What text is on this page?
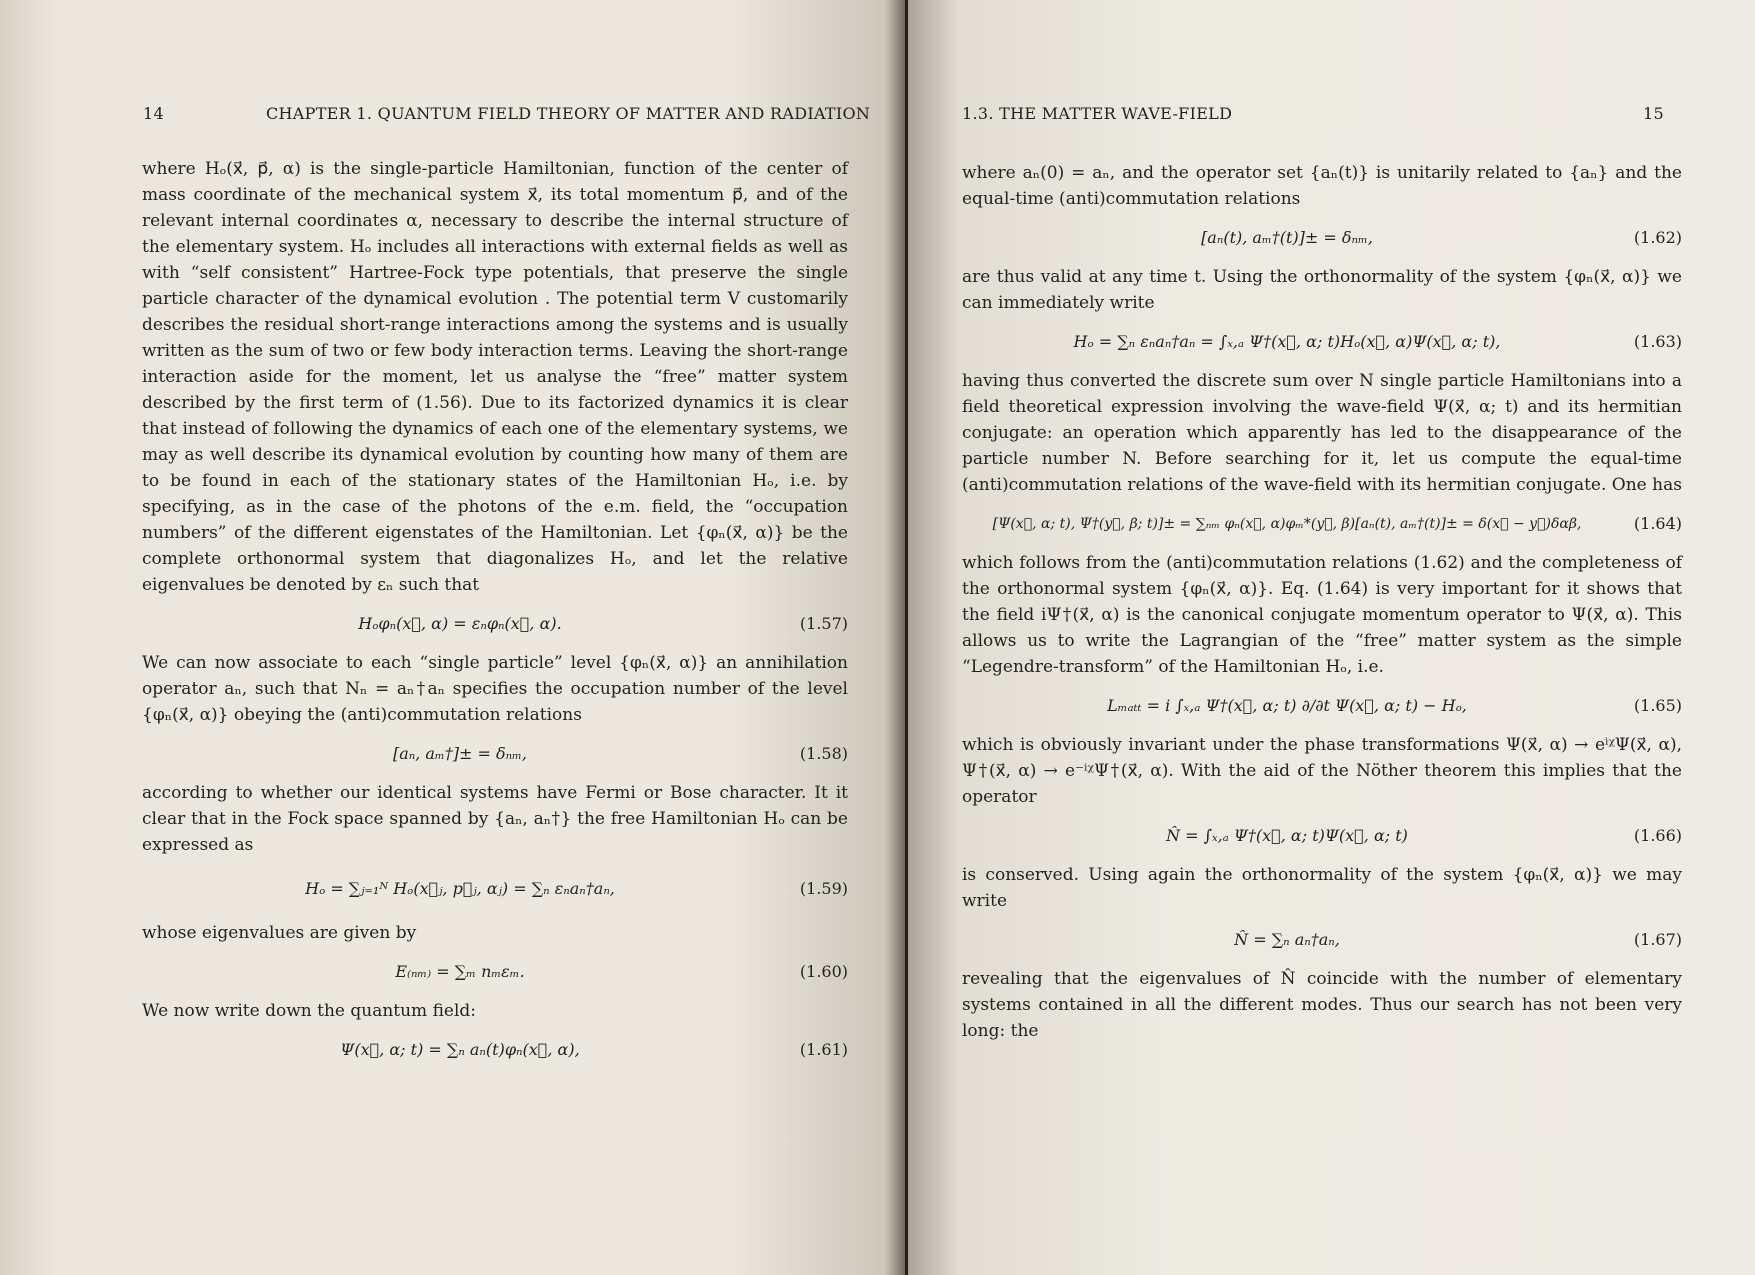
14	CHAPTER 1. QUANTUM FIELD THEORY OF MATTER AND RADIATION

where Hₒ(x⃗, p⃗, α) is the single-particle Hamiltonian, function of the center of mass coordinate of the mechanical system x⃗, its total momentum p⃗, and of the relevant internal coordinates α, necessary to describe the internal structure of the elementary system. Hₒ includes all interactions with external fields as well as with “self consistent” Hartree-Fock type potentials, that preserve the single particle character of the dynamical evolution . The potential term V customarily describes the residual short-range interactions among the systems and is usually written as the sum of two or few body interaction terms. Leaving the short-range interaction aside for the moment, let us analyse the “free” matter system described by the first term of (1.56). Due to its factorized dynamics it is clear that instead of following the dynamics of each one of the elementary systems, we may as well describe its dynamical evolution by counting how many of them are to be found in each of the stationary states of the Hamiltonian Hₒ, i.e. by specifying, as in the case of the photons of the e.m. field, the “occupation numbers” of the different eigenstates of the Hamiltonian. Let {φₙ(x⃗, α)} be the complete orthonormal system that diagonalizes Hₒ, and let the relative eigenvalues be denoted by εₙ such that

Hₒφₙ(x⃗, α) = εₙφₙ(x⃗, α).	(1.57)

We can now associate to each “single particle” level {φₙ(x⃗, α)} an annihilation operator aₙ, such that Nₙ = aₙ†aₙ specifies the occupation number of the level {φₙ(x⃗, α)} obeying the (anti)commutation relations

[aₙ, aₘ†]± = δₙₘ,	(1.58)

according to whether our identical systems have Fermi or Bose character. It it clear that in the Fock space spanned by {aₙ, aₙ†} the free Hamiltonian Hₒ can be expressed as

Hₒ = ∑ⱼ₌₁ᴺ Hₒ(x⃗ⱼ, p⃗ⱼ, αⱼ) = ∑ₙ εₙaₙ†aₙ,	(1.59)

whose eigenvalues are given by

E₍ₙₘ₎ = ∑ₘ nₘεₘ.	(1.60)

We now write down the quantum field:

Ψ(x⃗, α; t) = ∑ₙ aₙ(t)φₙ(x⃗, α),	(1.61)
1.3. THE MATTER WAVE-FIELD	15

where aₙ(0) = aₙ, and the operator set {aₙ(t)} is unitarily related to {aₙ} and the equal-time (anti)commutation relations

[aₙ(t), aₘ†(t)]± = δₙₘ,	(1.62)

are thus valid at any time t. Using the orthonormality of the system {φₙ(x⃗, α)} we can immediately write

Hₒ = ∑ₙ εₙaₙ†aₙ = ∫ₓ,ₐ Ψ†(x⃗, α; t)Hₒ(x⃗, α)Ψ(x⃗, α; t),	(1.63)

having thus converted the discrete sum over N single particle Hamiltonians into a field theoretical expression involving the wave-field Ψ(x⃗, α; t) and its hermitian conjugate: an operation which apparently has led to the disappearance of the particle number N. Before searching for it, let us compute the equal-time (anti)commutation relations of the wave-field with its hermitian conjugate. One has

[Ψ(x⃗, α; t), Ψ†(y⃗, β; t)]± = ∑ₙₘ φₙ(x⃗, α)φₘ*(y⃗, β)[aₙ(t), aₘ†(t)]± = δ(x⃗ − y⃗)δαβ,	(1.64)

which follows from the (anti)commutation relations (1.62) and the completeness of the orthonormal system {φₙ(x⃗, α)}. Eq. (1.64) is very important for it shows that the field iΨ†(x⃗, α) is the canonical conjugate momentum operator to Ψ(x⃗, α). This allows us to write the Lagrangian of the “free” matter system as the simple “Legendre-transform” of the Hamiltonian Hₒ, i.e.

Lₘₐₜₜ = i ∫ₓ,ₐ Ψ†(x⃗, α; t) ∂/∂t Ψ(x⃗, α; t) − Hₒ,	(1.65)

which is obviously invariant under the phase transformations Ψ(x⃗, α) → eⁱᵡΨ(x⃗, α), Ψ†(x⃗, α) → e⁻ⁱᵡΨ†(x⃗, α). With the aid of the Nöther theorem this implies that the operator

N̂ = ∫ₓ,ₐ Ψ†(x⃗, α; t)Ψ(x⃗, α; t)	(1.66)

is conserved. Using again the orthonormality of the system {φₙ(x⃗, α)} we may write

N̂ = ∑ₙ aₙ†aₙ,	(1.67)

revealing that the eigenvalues of N̂ coincide with the number of elementary systems contained in all the different modes. Thus our search has not been very long: the
